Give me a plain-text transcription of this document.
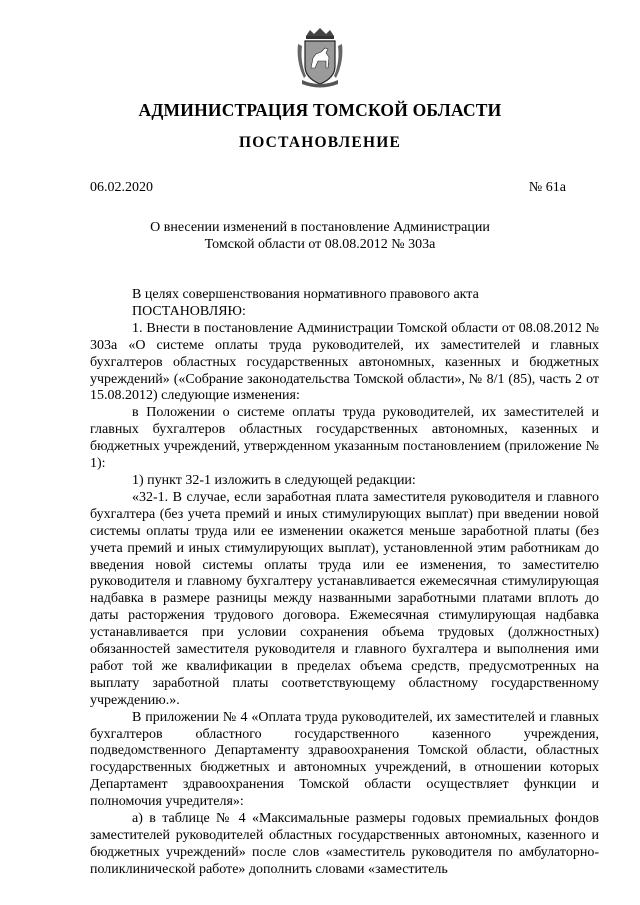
АДМИНИСТРАЦИЯ ТОМСКОЙ ОБЛАСТИ
ПОСТАНОВЛЕНИЕ
06.02.2020	№ 61а
О внесении изменений в постановление Администрации
Томской области от 08.08.2012 № 303а

В целях совершенствования нормативного правового акта

ПОСТАНОВЛЯЮ:

1. Внести в постановление Администрации Томской области от 08.08.2012 № 303а «О системе оплаты труда руководителей, их заместителей и главных бухгалтеров областных государственных автономных, казенных и бюджетных учреждений» («Собрание законодательства Томской области», № 8/1 (85), часть 2 от 15.08.2012) следующие изменения:

в Положении о системе оплаты труда руководителей, их заместителей и главных бухгалтеров областных государственных автономных, казенных и бюджетных учреждений, утвержденном указанным постановлением (приложение № 1):

1) пункт 32-1 изложить в следующей редакции:

«32-1. В случае, если заработная плата заместителя руководителя и главного бухгалтера (без учета премий и иных стимулирующих выплат) при введении новой системы оплаты труда или ее изменении окажется меньше заработной платы (без учета премий и иных стимулирующих выплат), установленной этим работникам до введения новой системы оплаты труда или ее изменения, то заместителю руководителя и главному бухгалтеру устанавливается ежемесячная стимулирующая надбавка в размере разницы между названными заработными платами вплоть до даты расторжения трудового договора. Ежемесячная стимулирующая надбавка устанавливается при условии сохранения объема трудовых (должностных) обязанностей заместителя руководителя и главного бухгалтера и выполнения ими работ той же квалификации в пределах объема средств, предусмотренных на выплату заработной платы соответствующему областному государственному учреждению.».

В приложении № 4 «Оплата труда руководителей, их заместителей и главных бухгалтеров областного государственного казенного учреждения, подведомственного Департаменту здравоохранения Томской области, областных государственных бюджетных и автономных учреждений, в отношении которых Департамент здравоохранения Томской области осуществляет функции и полномочия учредителя»:

а) в таблице № 4 «Максимальные размеры годовых премиальных фондов заместителей руководителей областных государственных автономных, казенного и бюджетных учреждений» после слов «заместитель руководителя по амбулаторно-поликлинической работе» дополнить словами «заместитель
